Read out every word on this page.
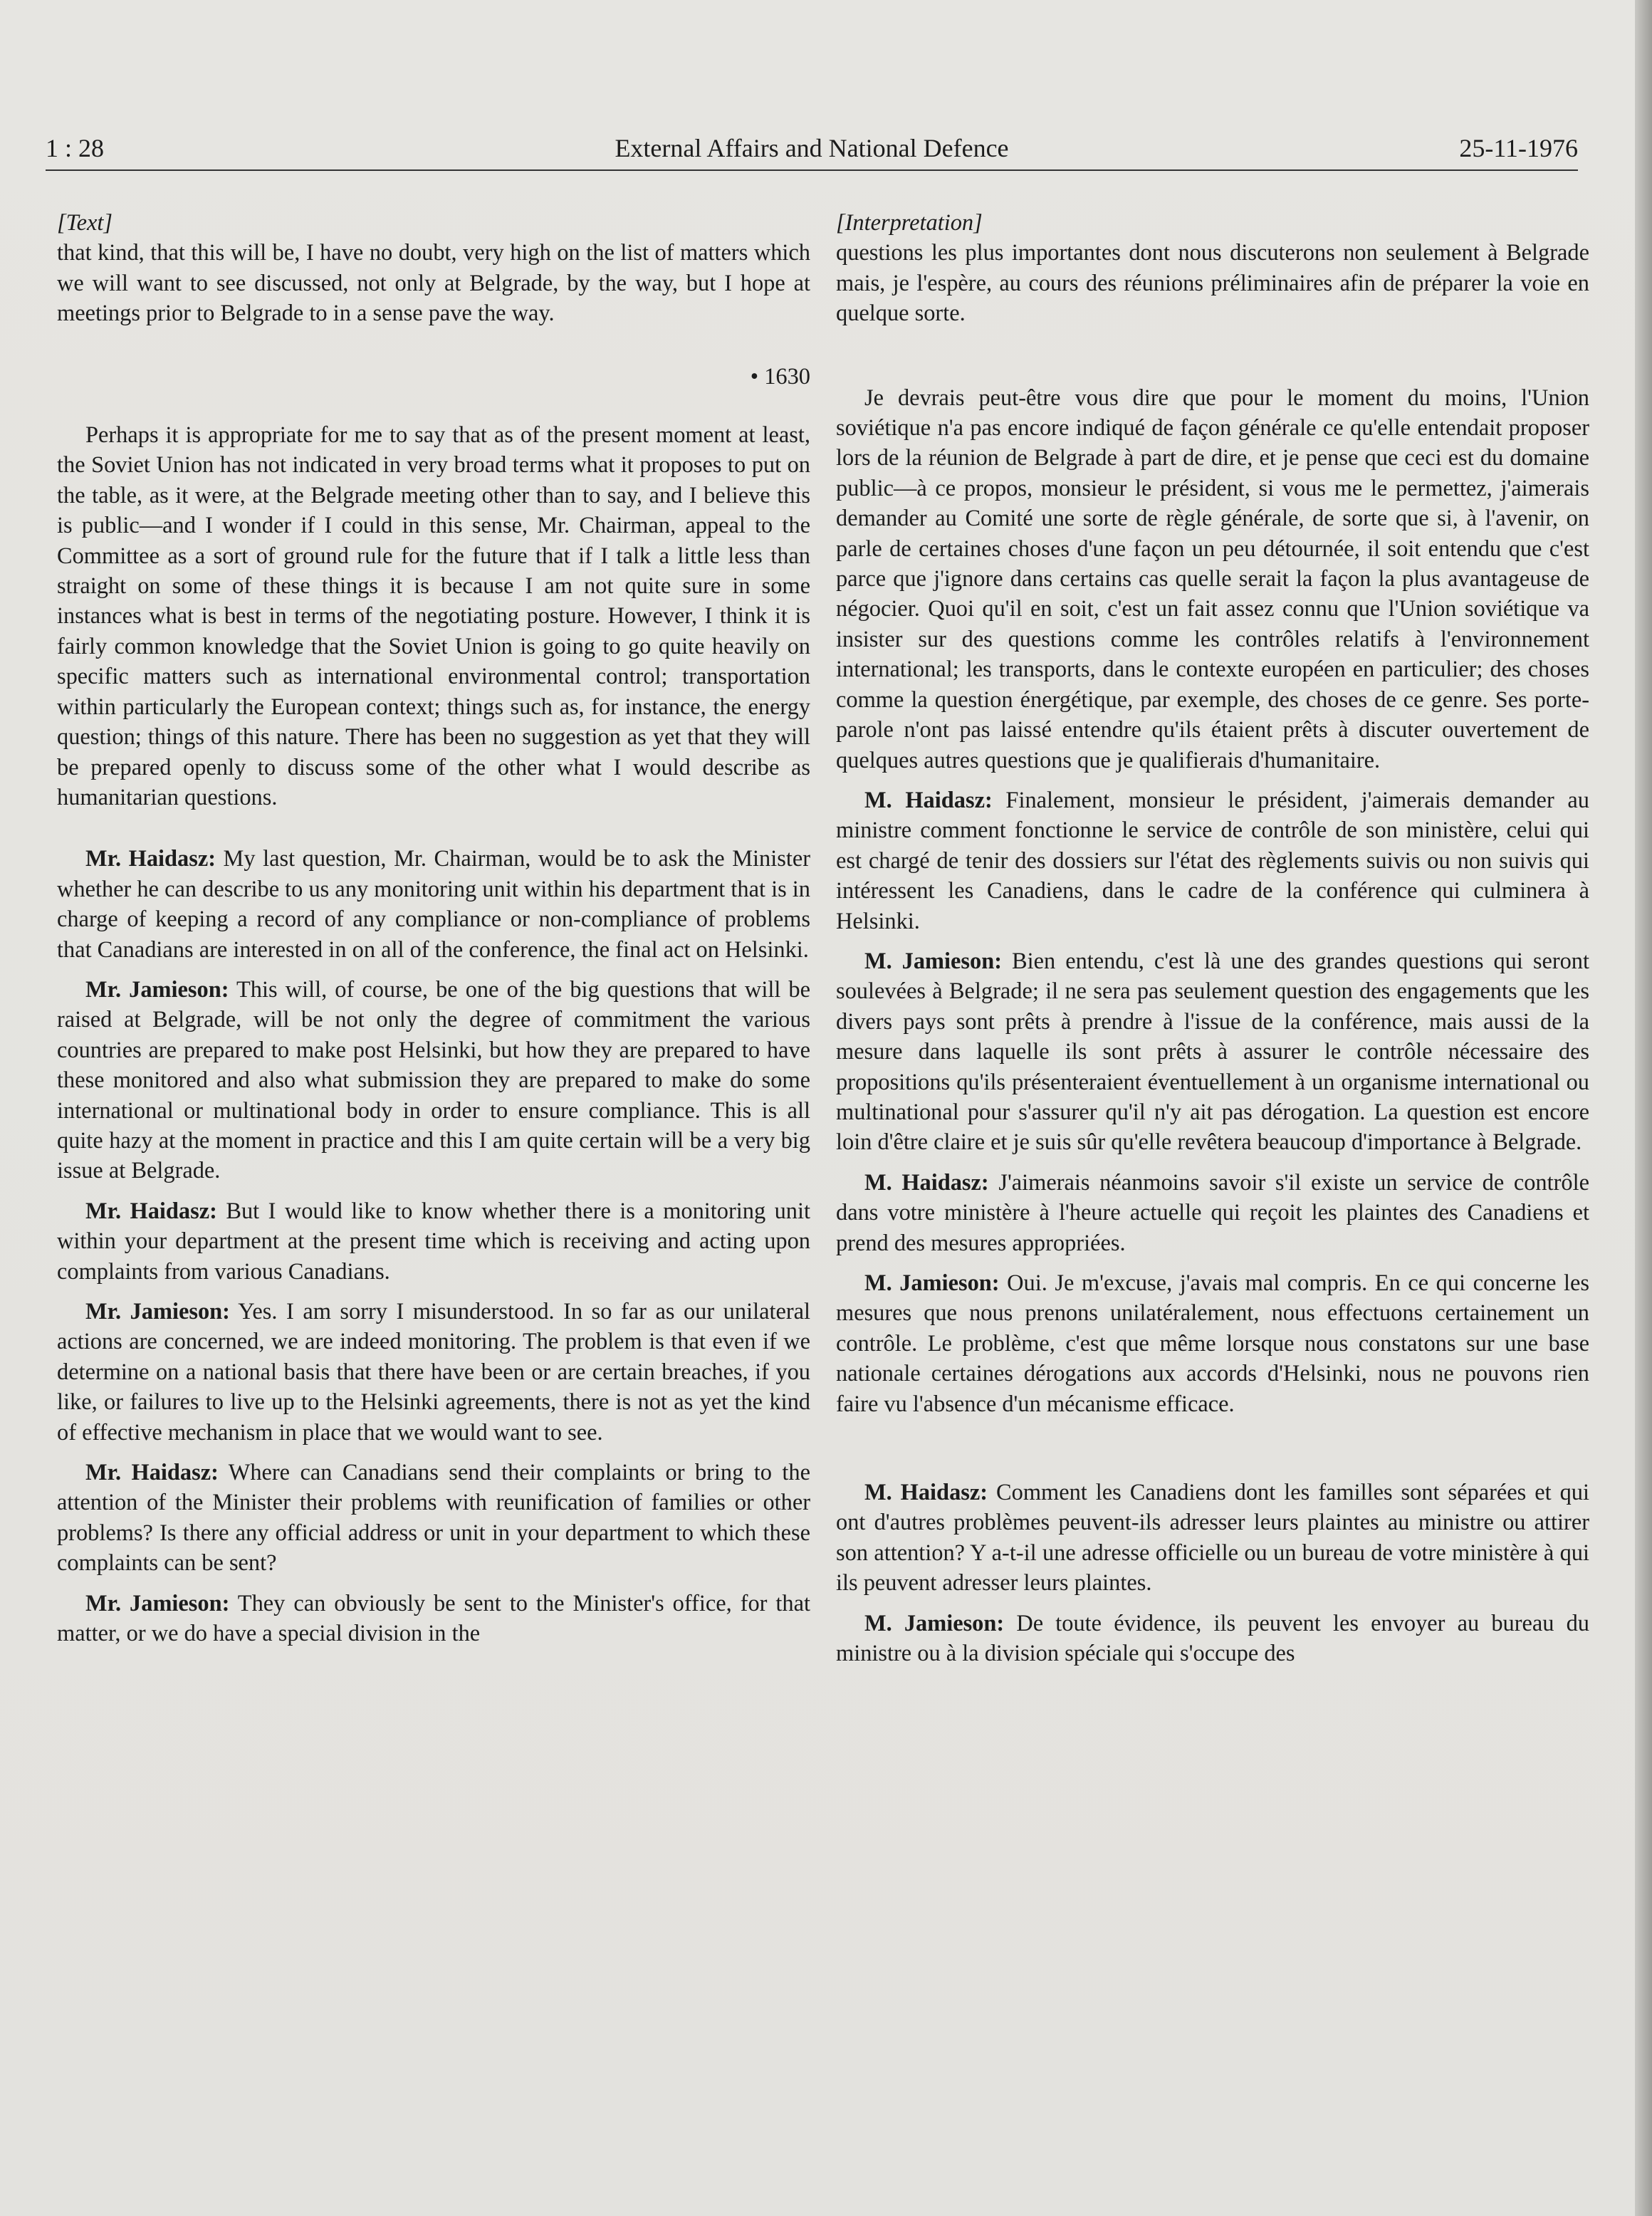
1 : 28	External Affairs and National Defence	25-11-1976
[Text]

that kind, that this will be, I have no doubt, very high on the list of matters which we will want to see discussed, not only at Belgrade, by the way, but I hope at meetings prior to Belgrade to in a sense pave the way.

• 1630

Perhaps it is appropriate for me to say that as of the present moment at least, the Soviet Union has not indicated in very broad terms what it proposes to put on the table, as it were, at the Belgrade meeting other than to say, and I believe this is public—and I wonder if I could in this sense, Mr. Chairman, appeal to the Committee as a sort of ground rule for the future that if I talk a little less than straight on some of these things it is because I am not quite sure in some instances what is best in terms of the negotiating posture. However, I think it is fairly common knowledge that the Soviet Union is going to go quite heavily on specific matters such as international environmental control; transportation within particularly the European context; things such as, for instance, the energy question; things of this nature. There has been no suggestion as yet that they will be prepared openly to discuss some of the other what I would describe as humanitarian questions.

Mr. Haidasz: My last question, Mr. Chairman, would be to ask the Minister whether he can describe to us any monitoring unit within his department that is in charge of keeping a record of any compliance or non-compliance of problems that Canadians are interested in on all of the conference, the final act on Helsinki.

Mr. Jamieson: This will, of course, be one of the big questions that will be raised at Belgrade, will be not only the degree of commitment the various countries are prepared to make post Helsinki, but how they are prepared to have these monitored and also what submission they are prepared to make do some international or multinational body in order to ensure compliance. This is all quite hazy at the moment in practice and this I am quite certain will be a very big issue at Belgrade.

Mr. Haidasz: But I would like to know whether there is a monitoring unit within your department at the present time which is receiving and acting upon complaints from various Canadians.

Mr. Jamieson: Yes. I am sorry I misunderstood. In so far as our unilateral actions are concerned, we are indeed monitoring. The problem is that even if we determine on a national basis that there have been or are certain breaches, if you like, or failures to live up to the Helsinki agreements, there is not as yet the kind of effective mechanism in place that we would want to see.

Mr. Haidasz: Where can Canadians send their complaints or bring to the attention of the Minister their problems with reunification of families or other problems? Is there any official address or unit in your department to which these complaints can be sent?

Mr. Jamieson: They can obviously be sent to the Minister's office, for that matter, or we do have a special division in the

[Interpretation]

questions les plus importantes dont nous discuterons non seulement à Belgrade mais, je l'espère, au cours des réunions préliminaires afin de préparer la voie en quelque sorte.

Je devrais peut-être vous dire que pour le moment du moins, l'Union soviétique n'a pas encore indiqué de façon générale ce qu'elle entendait proposer lors de la réunion de Belgrade à part de dire, et je pense que ceci est du domaine public—à ce propos, monsieur le président, si vous me le permettez, j'aimerais demander au Comité une sorte de règle générale, de sorte que si, à l'avenir, on parle de certaines choses d'une façon un peu détournée, il soit entendu que c'est parce que j'ignore dans certains cas quelle serait la façon la plus avantageuse de négocier. Quoi qu'il en soit, c'est un fait assez connu que l'Union soviétique va insister sur des questions comme les contrôles relatifs à l'environnement international; les transports, dans le contexte européen en particulier; des choses comme la question énergétique, par exemple, des choses de ce genre. Ses porte-parole n'ont pas laissé entendre qu'ils étaient prêts à discuter ouvertement de quelques autres questions que je qualifierais d'humanitaire.

M. Haidasz: Finalement, monsieur le président, j'aimerais demander au ministre comment fonctionne le service de contrôle de son ministère, celui qui est chargé de tenir des dossiers sur l'état des règlements suivis ou non suivis qui intéressent les Canadiens, dans le cadre de la conférence qui culminera à Helsinki.

M. Jamieson: Bien entendu, c'est là une des grandes questions qui seront soulevées à Belgrade; il ne sera pas seulement question des engagements que les divers pays sont prêts à prendre à l'issue de la conférence, mais aussi de la mesure dans laquelle ils sont prêts à assurer le contrôle nécessaire des propositions qu'ils présenteraient éventuellement à un organisme international ou multinational pour s'assurer qu'il n'y ait pas dérogation. La question est encore loin d'être claire et je suis sûr qu'elle revêtera beaucoup d'importance à Belgrade.

M. Haidasz: J'aimerais néanmoins savoir s'il existe un service de contrôle dans votre ministère à l'heure actuelle qui reçoit les plaintes des Canadiens et prend des mesures appropriées.

M. Jamieson: Oui. Je m'excuse, j'avais mal compris. En ce qui concerne les mesures que nous prenons unilatéralement, nous effectuons certainement un contrôle. Le problème, c'est que même lorsque nous constatons sur une base nationale certaines dérogations aux accords d'Helsinki, nous ne pouvons rien faire vu l'absence d'un mécanisme efficace.

M. Haidasz: Comment les Canadiens dont les familles sont séparées et qui ont d'autres problèmes peuvent-ils adresser leurs plaintes au ministre ou attirer son attention? Y a-t-il une adresse officielle ou un bureau de votre ministère à qui ils peuvent adresser leurs plaintes.

M. Jamieson: De toute évidence, ils peuvent les envoyer au bureau du ministre ou à la division spéciale qui s'occupe des
